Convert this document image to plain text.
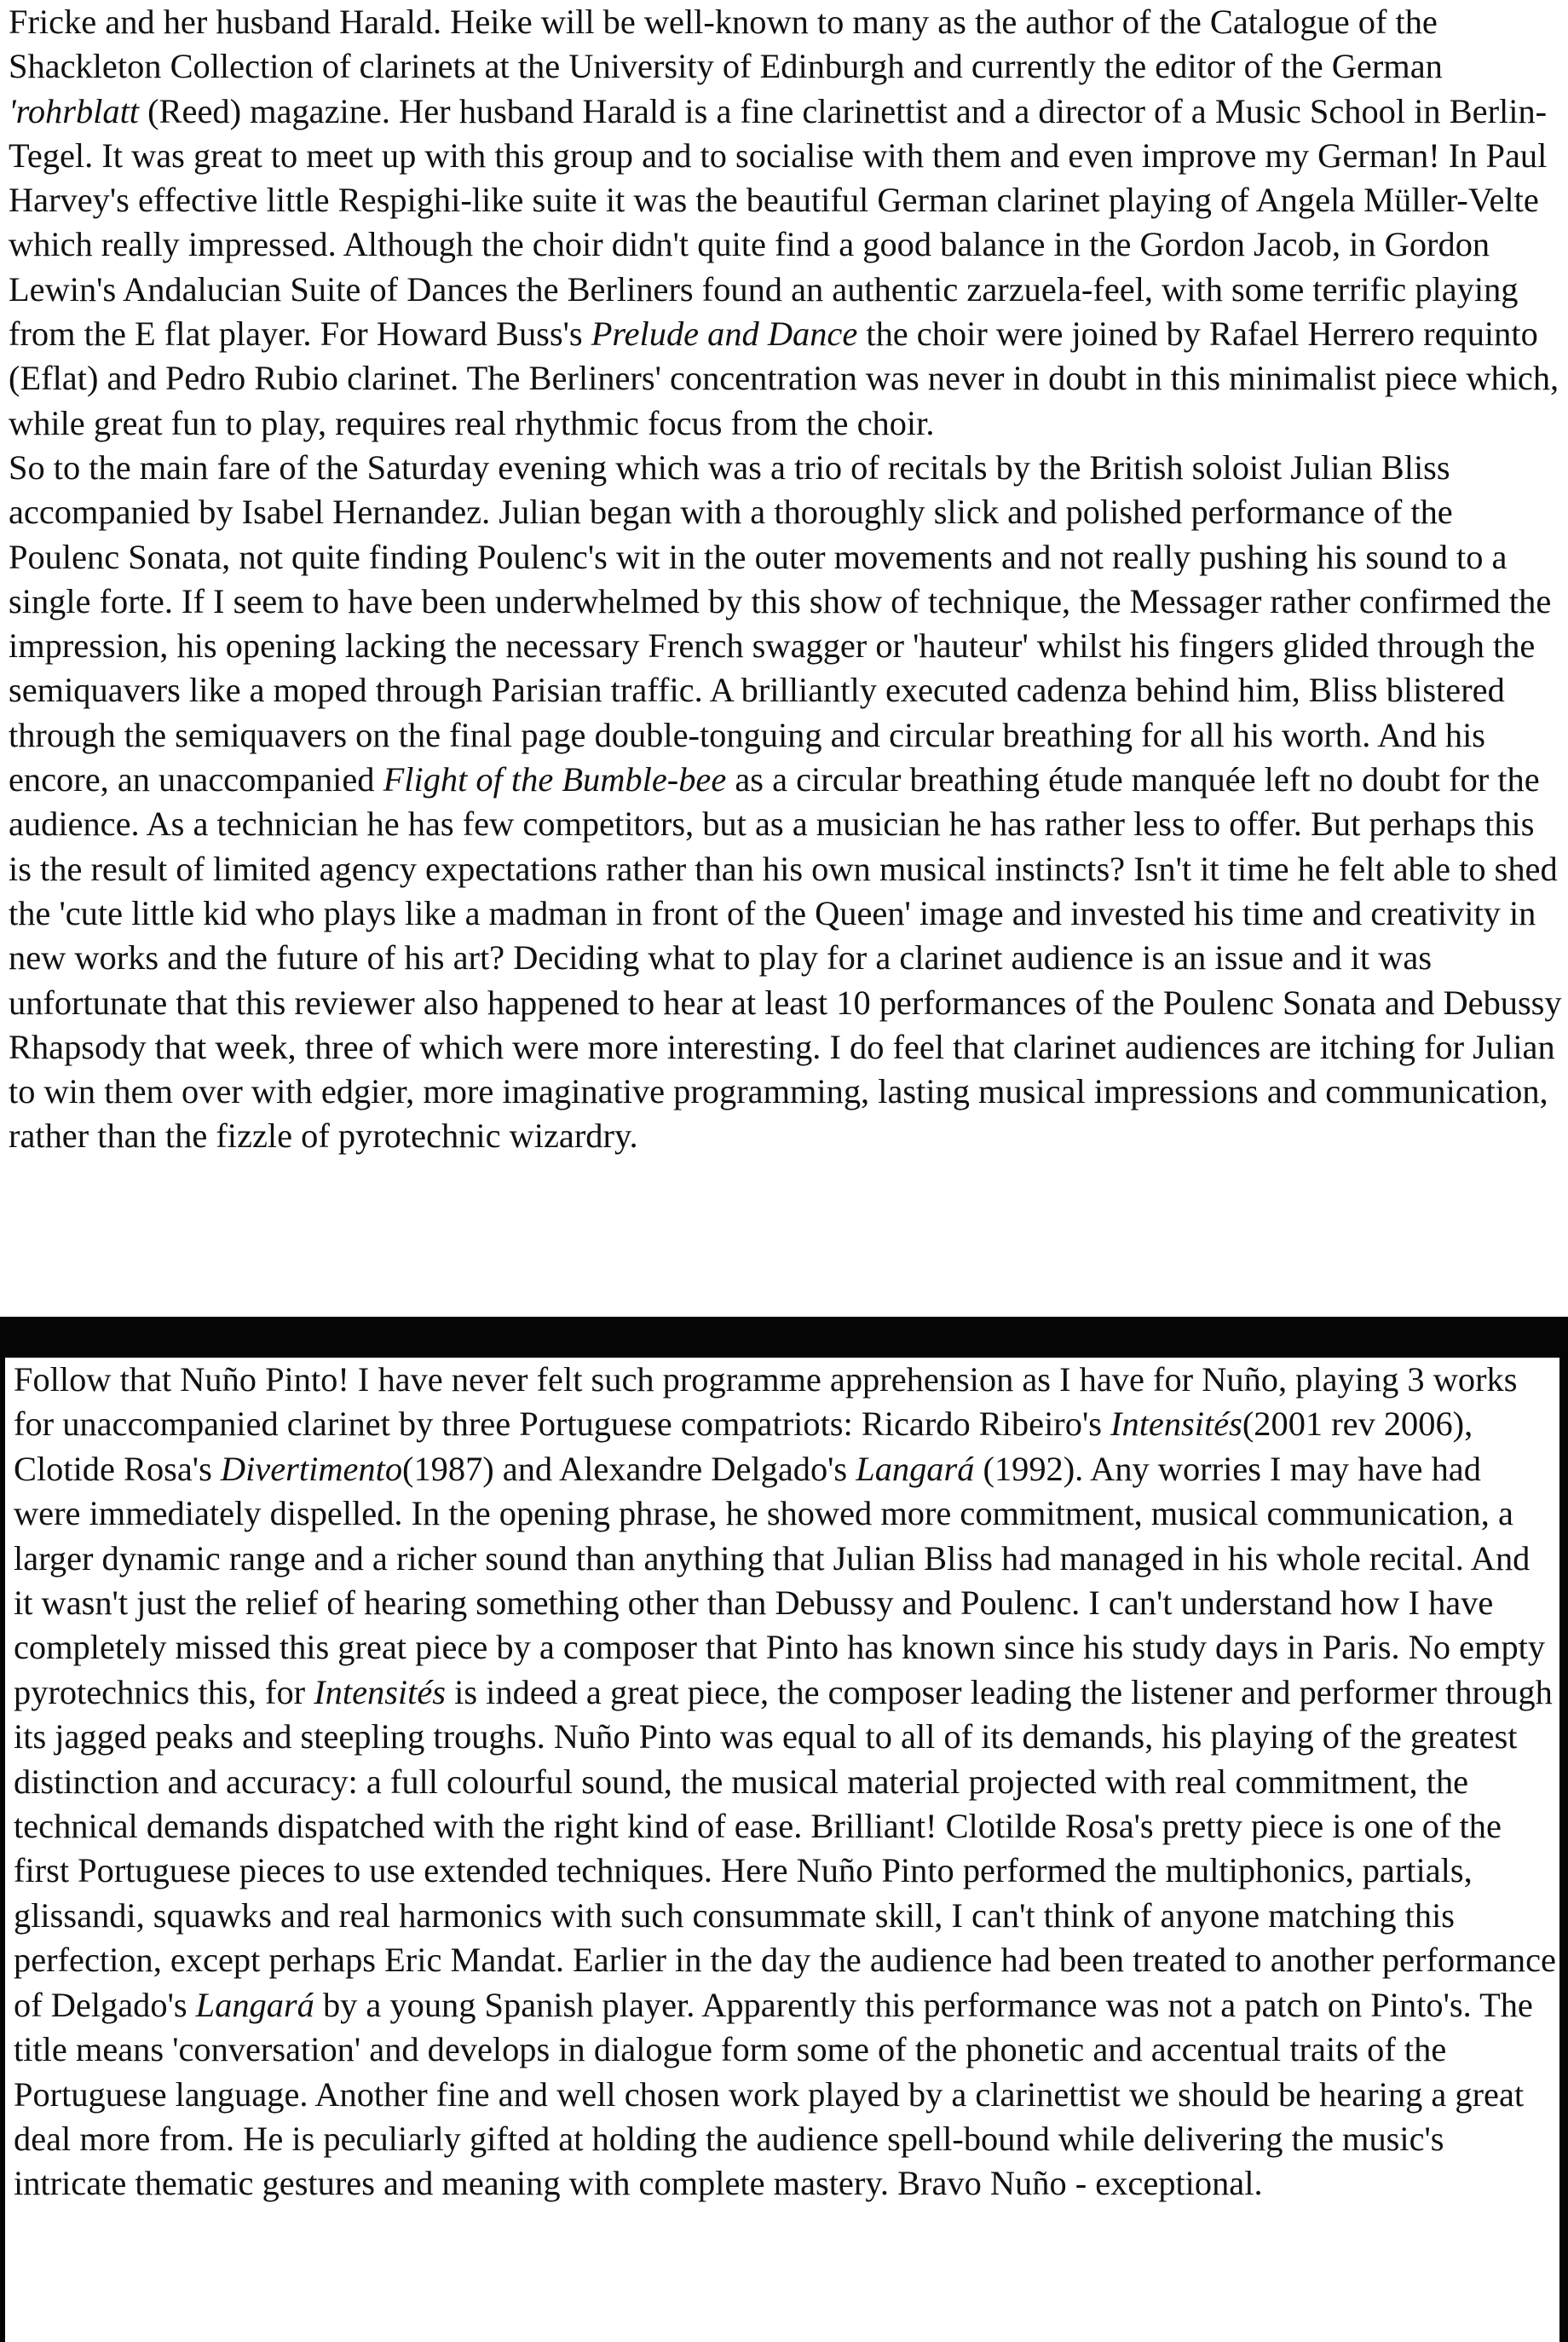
Fricke and her husband Harald. Heike will be well-known to many as the author of the Catalogue of the Shackleton Collection of clarinets at the University of Edinburgh and currently the editor of the German 'rohrblatt (Reed) magazine. Her husband Harald is a fine clarinettist and a director of a Music School in Berlin-Tegel. It was great to meet up with this group and to socialise with them and even improve my German! In Paul Harvey's effective little Respighi-like suite it was the beautiful German clarinet playing of Angela Müller-Velte which really impressed. Although the choir didn't quite find a good balance in the Gordon Jacob, in Gordon Lewin's Andalucian Suite of Dances the Berliners found an authentic zarzuela-feel, with some terrific playing from the E flat player. For Howard Buss's Prelude and Dance the choir were joined by Rafael Herrero requinto (Eflat) and Pedro Rubio clarinet. The Berliners' concentration was never in doubt in this minimalist piece which, while great fun to play, requires real rhythmic focus from the choir.

So to the main fare of the Saturday evening which was a trio of recitals by the British soloist Julian Bliss accompanied by Isabel Hernandez. Julian began with a thoroughly slick and polished performance of the Poulenc Sonata, not quite finding Poulenc's wit in the outer movements and not really pushing his sound to a single forte. If I seem to have been underwhelmed by this show of technique, the Messager rather confirmed the impression, his opening lacking the necessary French swagger or 'hauteur' whilst his fingers glided through the semiquavers like a moped through Parisian traffic. A brilliantly executed cadenza behind him, Bliss blistered through the semiquavers on the final page double-tonguing and circular breathing for all his worth. And his encore, an unaccompanied Flight of the Bumble-bee as a circular breathing étude manquée left no doubt for the audience. As a technician he has few competitors, but as a musician he has rather less to offer. But perhaps this is the result of limited agency expectations rather than his own musical instincts? Isn't it time he felt able to shed the 'cute little kid who plays like a madman in front of the Queen' image and invested his time and creativity in new works and the future of his art? Deciding what to play for a clarinet audience is an issue and it was unfortunate that this reviewer also happened to hear at least 10 performances of the Poulenc Sonata and Debussy Rhapsody that week, three of which were more interesting. I do feel that clarinet audiences are itching for Julian to win them over with edgier, more imaginative programming, lasting musical impressions and communication, rather than the fizzle of pyrotechnic wizardry.

Follow that Nuño Pinto! I have never felt such programme apprehension as I have for Nuño, playing 3 works for unaccompanied clarinet by three Portuguese compatriots: Ricardo Ribeiro's Intensités(2001 rev 2006), Clotide Rosa's Divertimento(1987) and Alexandre Delgado's Langará (1992). Any worries I may have had were immediately dispelled. In the opening phrase, he showed more commitment, musical communication, a larger dynamic range and a richer sound than anything that Julian Bliss had managed in his whole recital. And it wasn't just the relief of hearing something other than Debussy and Poulenc. I can't understand how I have completely missed this great piece by a composer that Pinto has known since his study days in Paris. No empty pyrotechnics this, for Intensités is indeed a great piece, the composer leading the listener and performer through its jagged peaks and steepling troughs. Nuño Pinto was equal to all of its demands, his playing of the greatest distinction and accuracy: a full colourful sound, the musical material projected with real commitment, the technical demands dispatched with the right kind of ease. Brilliant! Clotilde Rosa's pretty piece is one of the first Portuguese pieces to use extended techniques. Here Nuño Pinto performed the multiphonics, partials, glissandi, squawks and real harmonics with such consummate skill, I can't think of anyone matching this perfection, except perhaps Eric Mandat. Earlier in the day the audience had been treated to another performance of Delgado's Langará by a young Spanish player. Apparently this performance was not a patch on Pinto's. The title means 'conversation' and develops in dialogue form some of the phonetic and accentual traits of the Portuguese language. Another fine and well chosen work played by a clarinettist we should be hearing a great deal more from. He is peculiarly gifted at holding the audience spell-bound while delivering the music's intricate thematic gestures and meaning with complete mastery. Bravo Nuño - exceptional.
